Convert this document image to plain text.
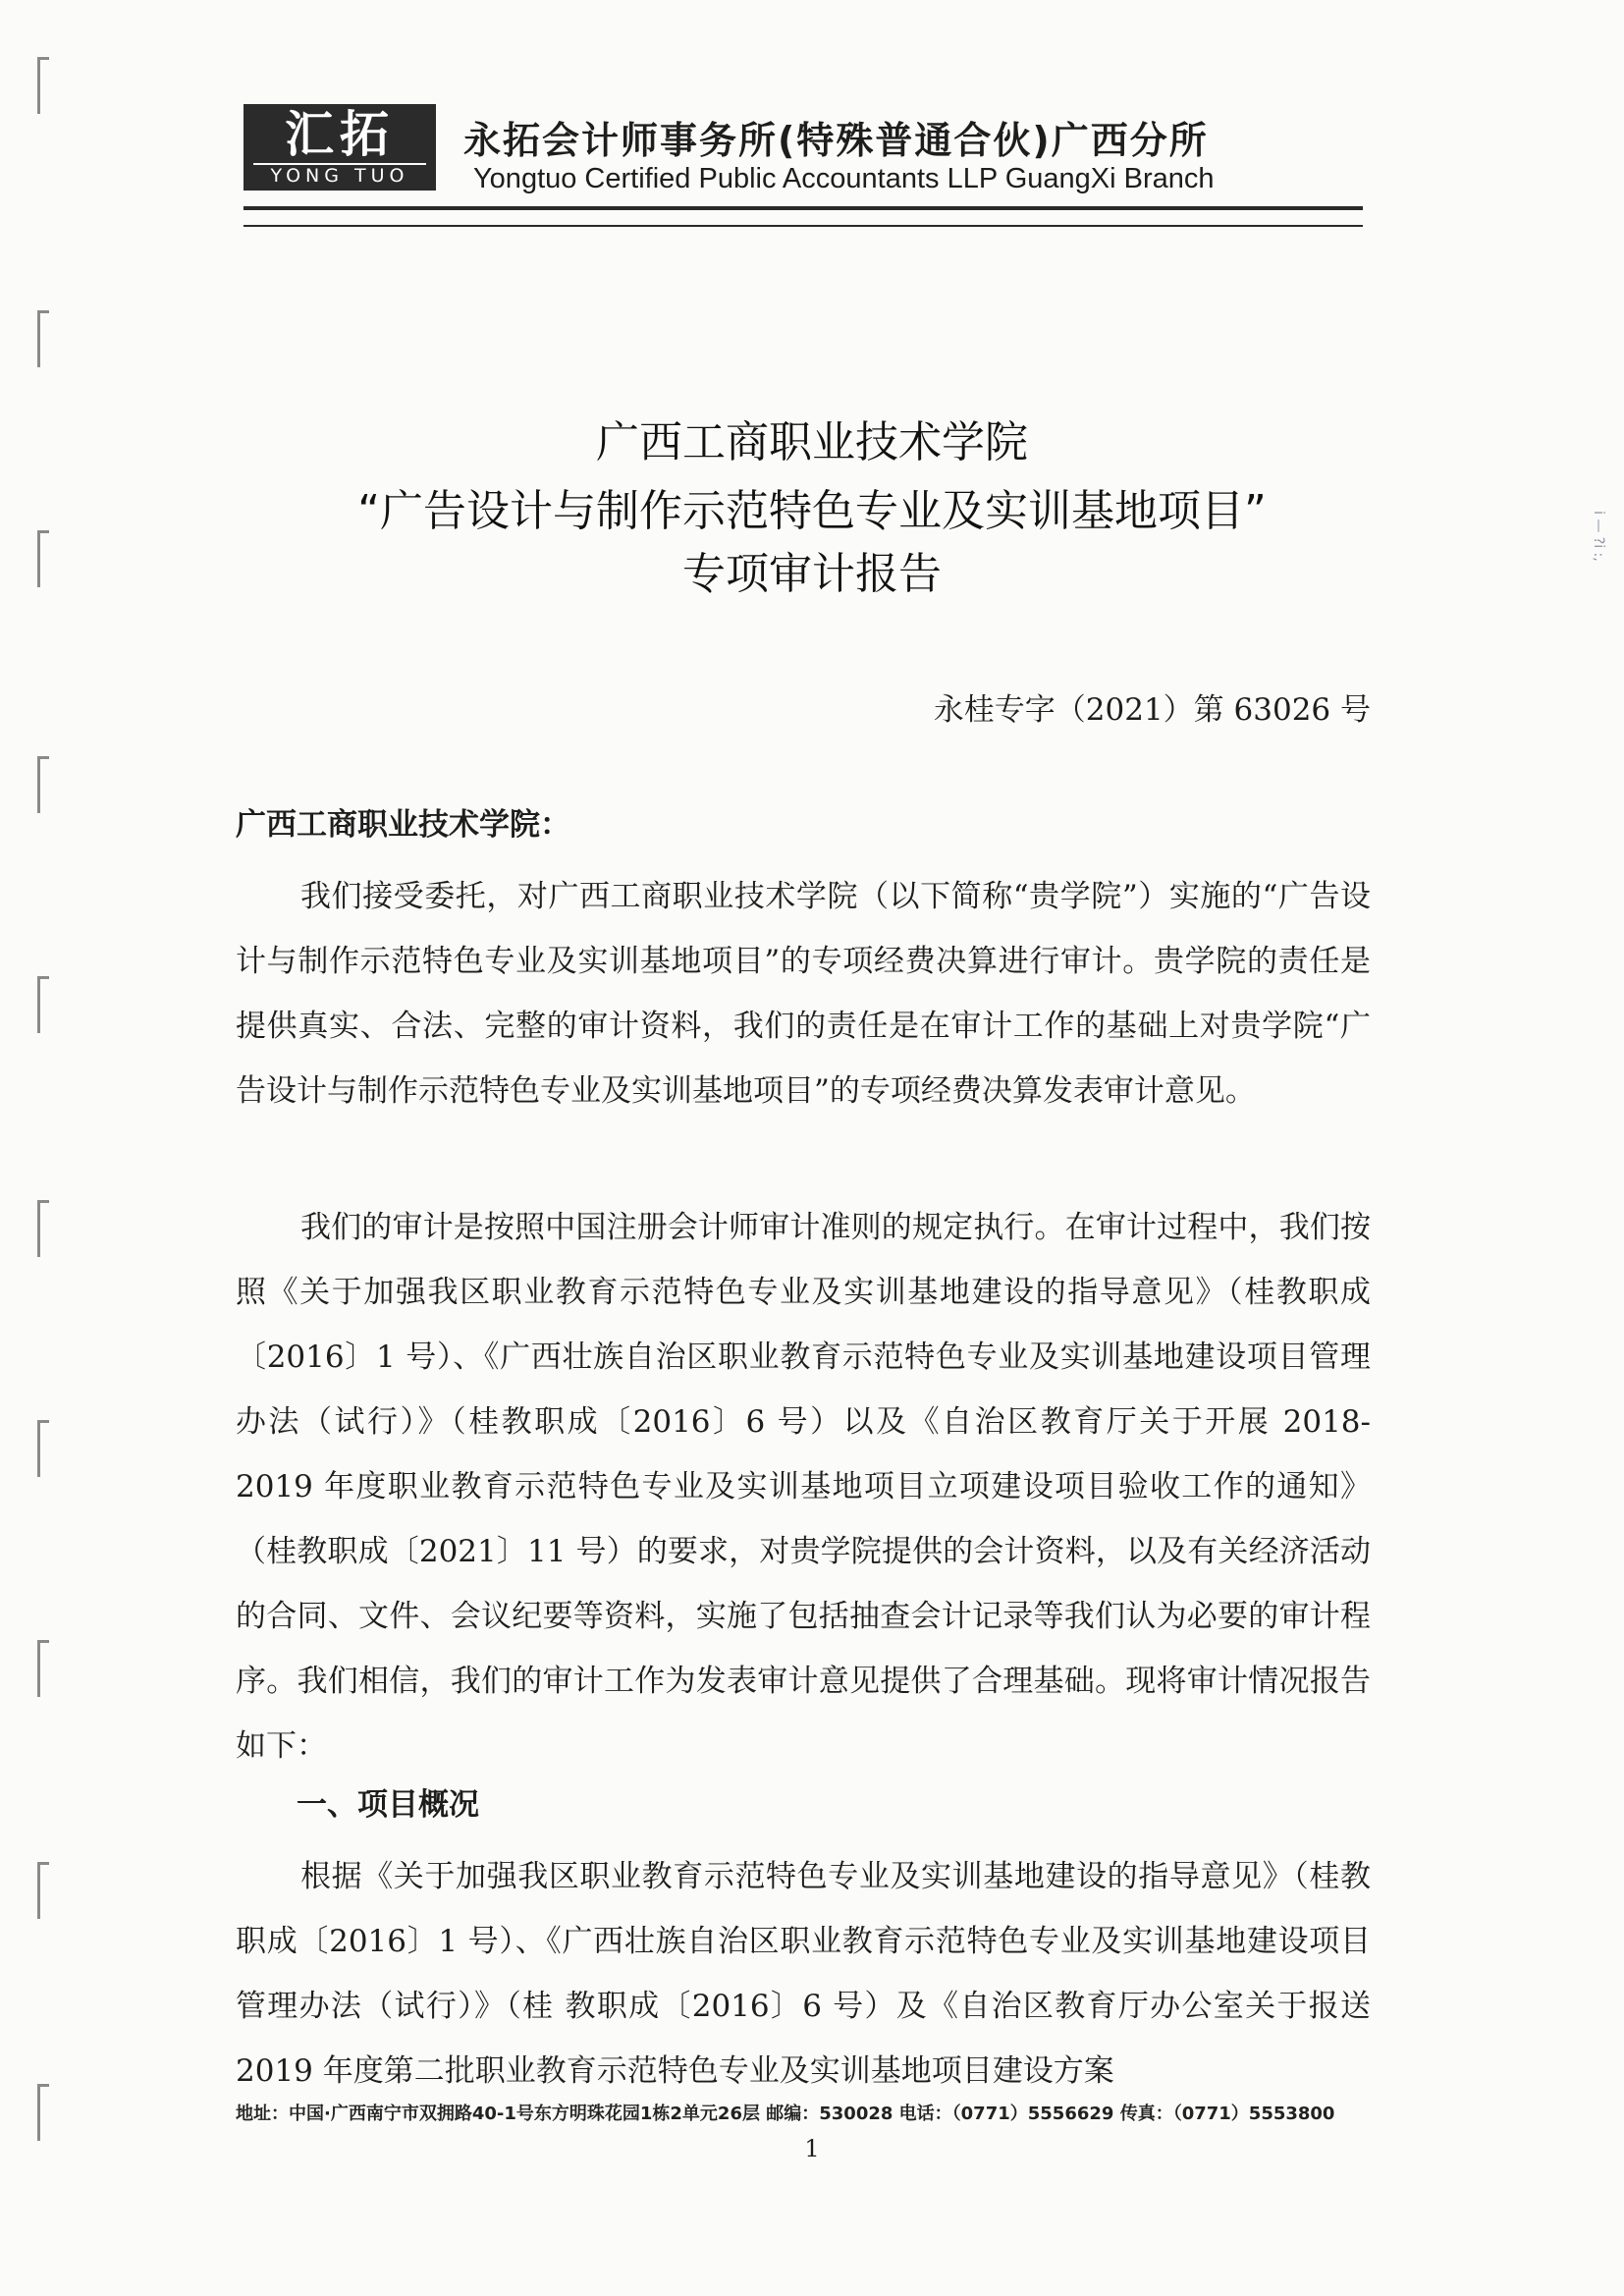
i — ?i :,
汇拓
YONG TUO
永拓会计师事务所(特殊普通合伙)广西分所
Yongtuo Certified Public Accountants LLP GuangXi Branch
广西工商职业技术学院
“广告设计与制作示范特色专业及实训基地项目”
专项审计报告
永桂专字（2021）第 63026 号
广西工商职业技术学院：

我们接受委托，对广西工商职业技术学院（以下简称“贵学院”）实施的“广告设计与制作示范特色专业及实训基地项目”的专项经费决算进行审计。贵学院的责任是提供真实、合法、完整的审计资料，我们的责任是在审计工作的基础上对贵学院“广告设计与制作示范特色专业及实训基地项目”的专项经费决算发表审计意见。

我们的审计是按照中国注册会计师审计准则的规定执行。在审计过程中，我们按照《关于加强我区职业教育示范特色专业及实训基地建设的指导意见》（桂教职成〔2016〕1 号）、《广西壮族自治区职业教育示范特色专业及实训基地建设项目管理办法（试行）》（桂教职成〔2016〕6 号）以及《自治区教育厅关于开展 2018- 2019 年度职业教育示范特色专业及实训基地项目立项建设项目验收工作的通知》（桂教职成〔2021〕11 号）的要求，对贵学院提供的会计资料，以及有关经济活动的合同、文件、会议纪要等资料，实施了包括抽查会计记录等我们认为必要的审计程序。我们相信，我们的审计工作为发表审计意见提供了合理基础。现将审计情况报告如下：

一、项目概况

根据《关于加强我区职业教育示范特色专业及实训基地建设的指导意见》（桂教职成〔2016〕1 号）、《广西壮族自治区职业教育示范特色专业及实训基地建设项目管理办法（试行）》（桂 教职成〔2016〕6 号）及《自治区教育厅办公室关于报送 2019 年度第二批职业教育示范特色专业及实训基地项目建设方案

地址：中国·广西南宁市双拥路40-1号东方明珠花园1栋2单元26层 邮编：530028 电话：（0771）5556629 传真：（0771）5553800
1
